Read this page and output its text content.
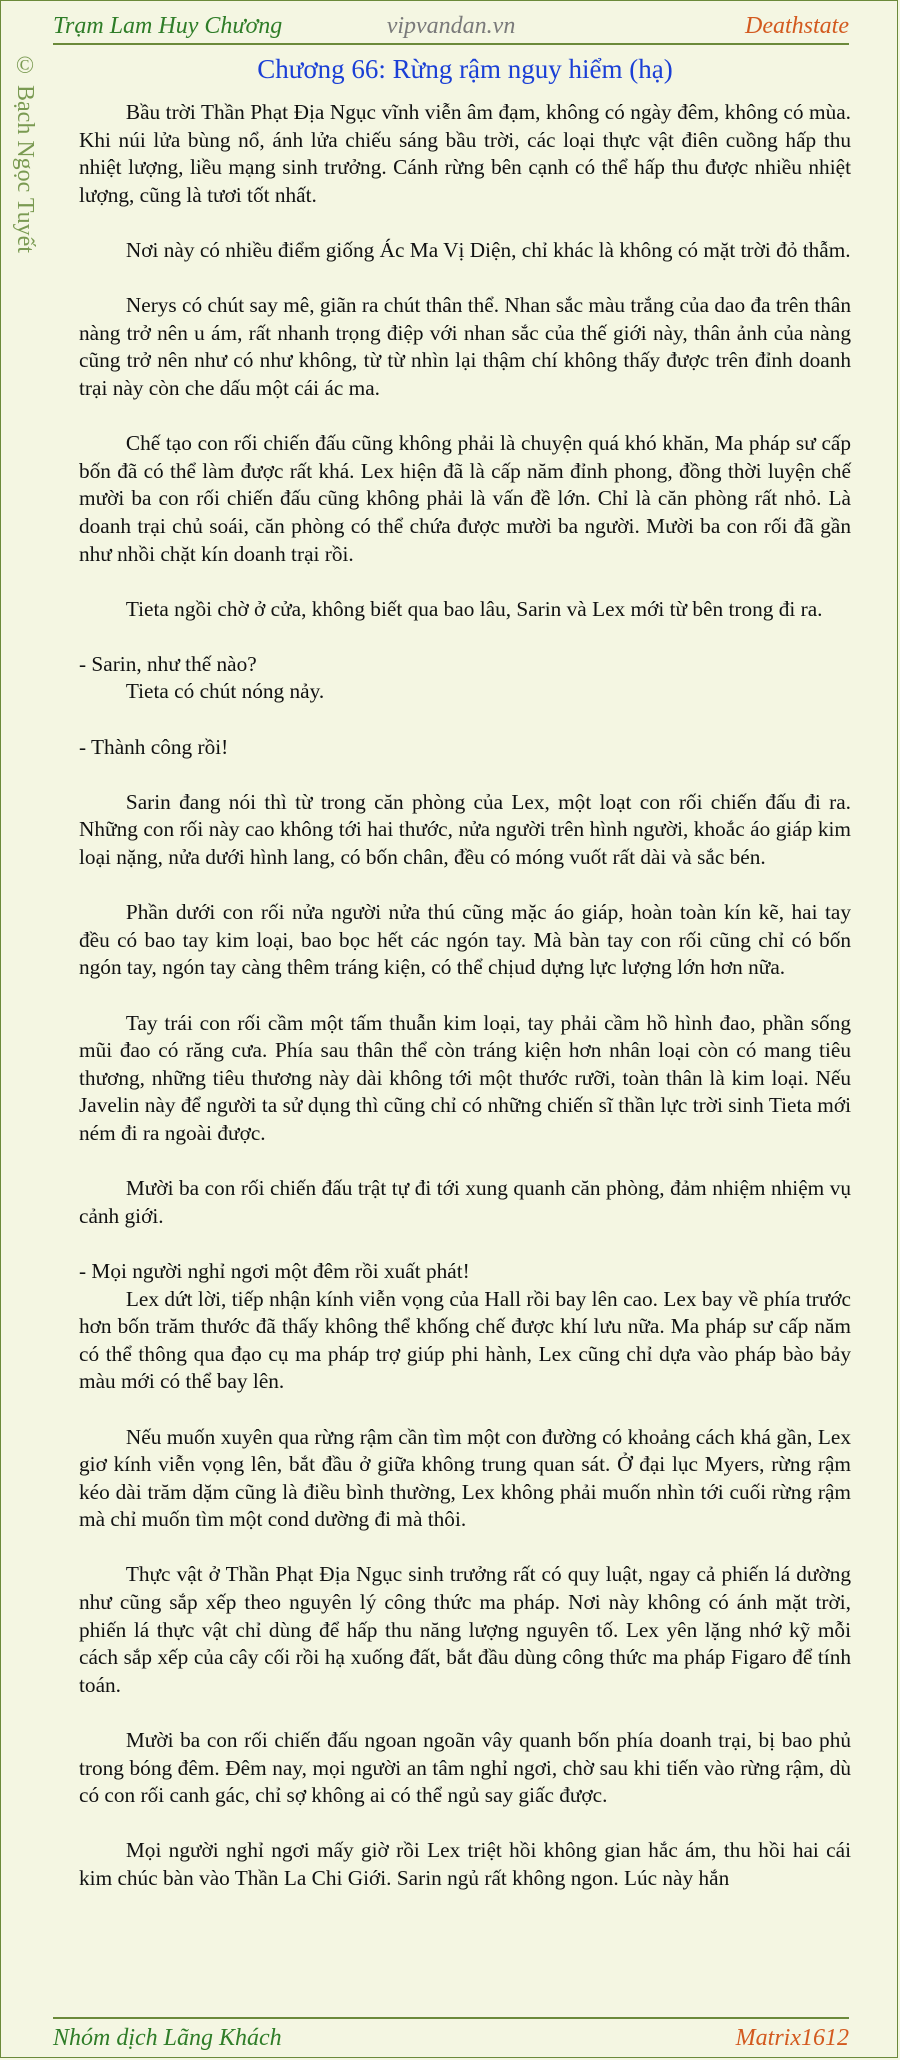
Trạm Lam Huy Chương	vipvandan.vn	Deathstate
© Bạch Ngọc Tuyết	Chương 66: Rừng rậm nguy hiểm (hạ)

Bầu trời Thần Phạt Địa Ngục vĩnh viễn âm đạm, không có ngày đêm, không có mùa. Khi núi lửa bùng nổ, ánh lửa chiếu sáng bầu trời, các loại thực vật điên cuồng hấp thu nhiệt lượng, liều mạng sinh trưởng. Cánh rừng bên cạnh có thể hấp thu được nhiều nhiệt lượng, cũng là tươi tốt nhất.

Nơi này có nhiều điểm giống Ác Ma Vị Diện, chỉ khác là không có mặt trời đỏ thẫm.

Nerys có chút say mê, giãn ra chút thân thể. Nhan sắc màu trắng của dao đa trên thân nàng trở nên u ám, rất nhanh trọng điệp với nhan sắc của thế giới này, thân ảnh của nàng cũng trở nên như có như không, từ từ nhìn lại thậm chí không thấy được trên đỉnh doanh trại này còn che dấu một cái ác ma.

Chế tạo con rối chiến đấu cũng không phải là chuyện quá khó khăn, Ma pháp sư cấp bốn đã có thể làm được rất khá. Lex hiện đã là cấp năm đỉnh phong, đồng thời luyện chế mười ba con rối chiến đấu cũng không phải là vấn đề lớn. Chỉ là căn phòng rất nhỏ. Là doanh trại chủ soái, căn phòng có thể chứa được mười ba người. Mười ba con rối đã gần như nhồi chặt kín doanh trại rồi.

Tieta ngồi chờ ở cửa, không biết qua bao lâu, Sarin và Lex mới từ bên trong đi ra.

- Sarin, như thế nào?

Tieta có chút nóng nảy.

- Thành công rồi!

Sarin đang nói thì từ trong căn phòng của Lex, một loạt con rối chiến đấu đi ra. Những con rối này cao không tới hai thước, nửa người trên hình người, khoắc áo giáp kim loại nặng, nửa dưới hình lang, có bốn chân, đều có móng vuốt rất dài và sắc bén.

Phần dưới con rối nửa người nửa thú cũng mặc áo giáp, hoàn toàn kín kẽ, hai tay đều có bao tay kim loại, bao bọc hết các ngón tay. Mà bàn tay con rối cũng chỉ có bốn ngón tay, ngón tay càng thêm tráng kiện, có thể chịud dựng lực lượng lớn hơn nữa.

Tay trái con rối cầm một tấm thuẫn kim loại, tay phải cầm hồ hình đao, phần sống mũi đao có răng cưa. Phía sau thân thể còn tráng kiện hơn nhân loại còn có mang tiêu thương, những tiêu thương này dài không tới một thước rưỡi, toàn thân là kim loại. Nếu Javelin này để người ta sử dụng thì cũng chỉ có những chiến sĩ thần lực trời sinh Tieta mới ném đi ra ngoài được.

Mười ba con rối chiến đấu trật tự đi tới xung quanh căn phòng, đảm nhiệm nhiệm vụ cảnh giới.

- Mọi người nghỉ ngơi một đêm rồi xuất phát!

Lex dứt lời, tiếp nhận kính viễn vọng của Hall rồi bay lên cao. Lex bay về phía trước hơn bốn trăm thước đã thấy không thể khống chế được khí lưu nữa. Ma pháp sư cấp năm có thể thông qua đạo cụ ma pháp trợ giúp phi hành, Lex cũng chỉ dựa vào pháp bào bảy màu mới có thể bay lên.

Nếu muốn xuyên qua rừng rậm cần tìm một con đường có khoảng cách khá gần, Lex giơ kính viễn vọng lên, bắt đầu ở giữa không trung quan sát. Ở đại lục Myers, rừng rậm kéo dài trăm dặm cũng là điều bình thường, Lex không phải muốn nhìn tới cuối rừng rậm mà chỉ muốn tìm một cond dường đi mà thôi.

Thực vật ở Thần Phạt Địa Ngục sinh trưởng rất có quy luật, ngay cả phiến lá dường như cũng sắp xếp theo nguyên lý công thức ma pháp. Nơi này không có ánh mặt trời, phiến lá thực vật chỉ dùng để hấp thu năng lượng nguyên tố. Lex yên lặng nhớ kỹ mỗi cách sắp xếp của cây cối rồi hạ xuống đất, bắt đầu dùng công thức ma pháp Figaro để tính toán.

Mười ba con rối chiến đấu ngoan ngoãn vây quanh bốn phía doanh trại, bị bao phủ trong bóng đêm. Đêm nay, mọi người an tâm nghỉ ngơi, chờ sau khi tiến vào rừng rậm, dù có con rối canh gác, chỉ sợ không ai có thể ngủ say giấc được.

Mọi người nghỉ ngơi mấy giờ rồi Lex triệt hồi không gian hắc ám, thu hồi hai cái kim chúc bàn vào Thần La Chi Giới. Sarin ngủ rất không ngon. Lúc này hắn

Nhóm dịch Lãng Khách	Matrix1612
